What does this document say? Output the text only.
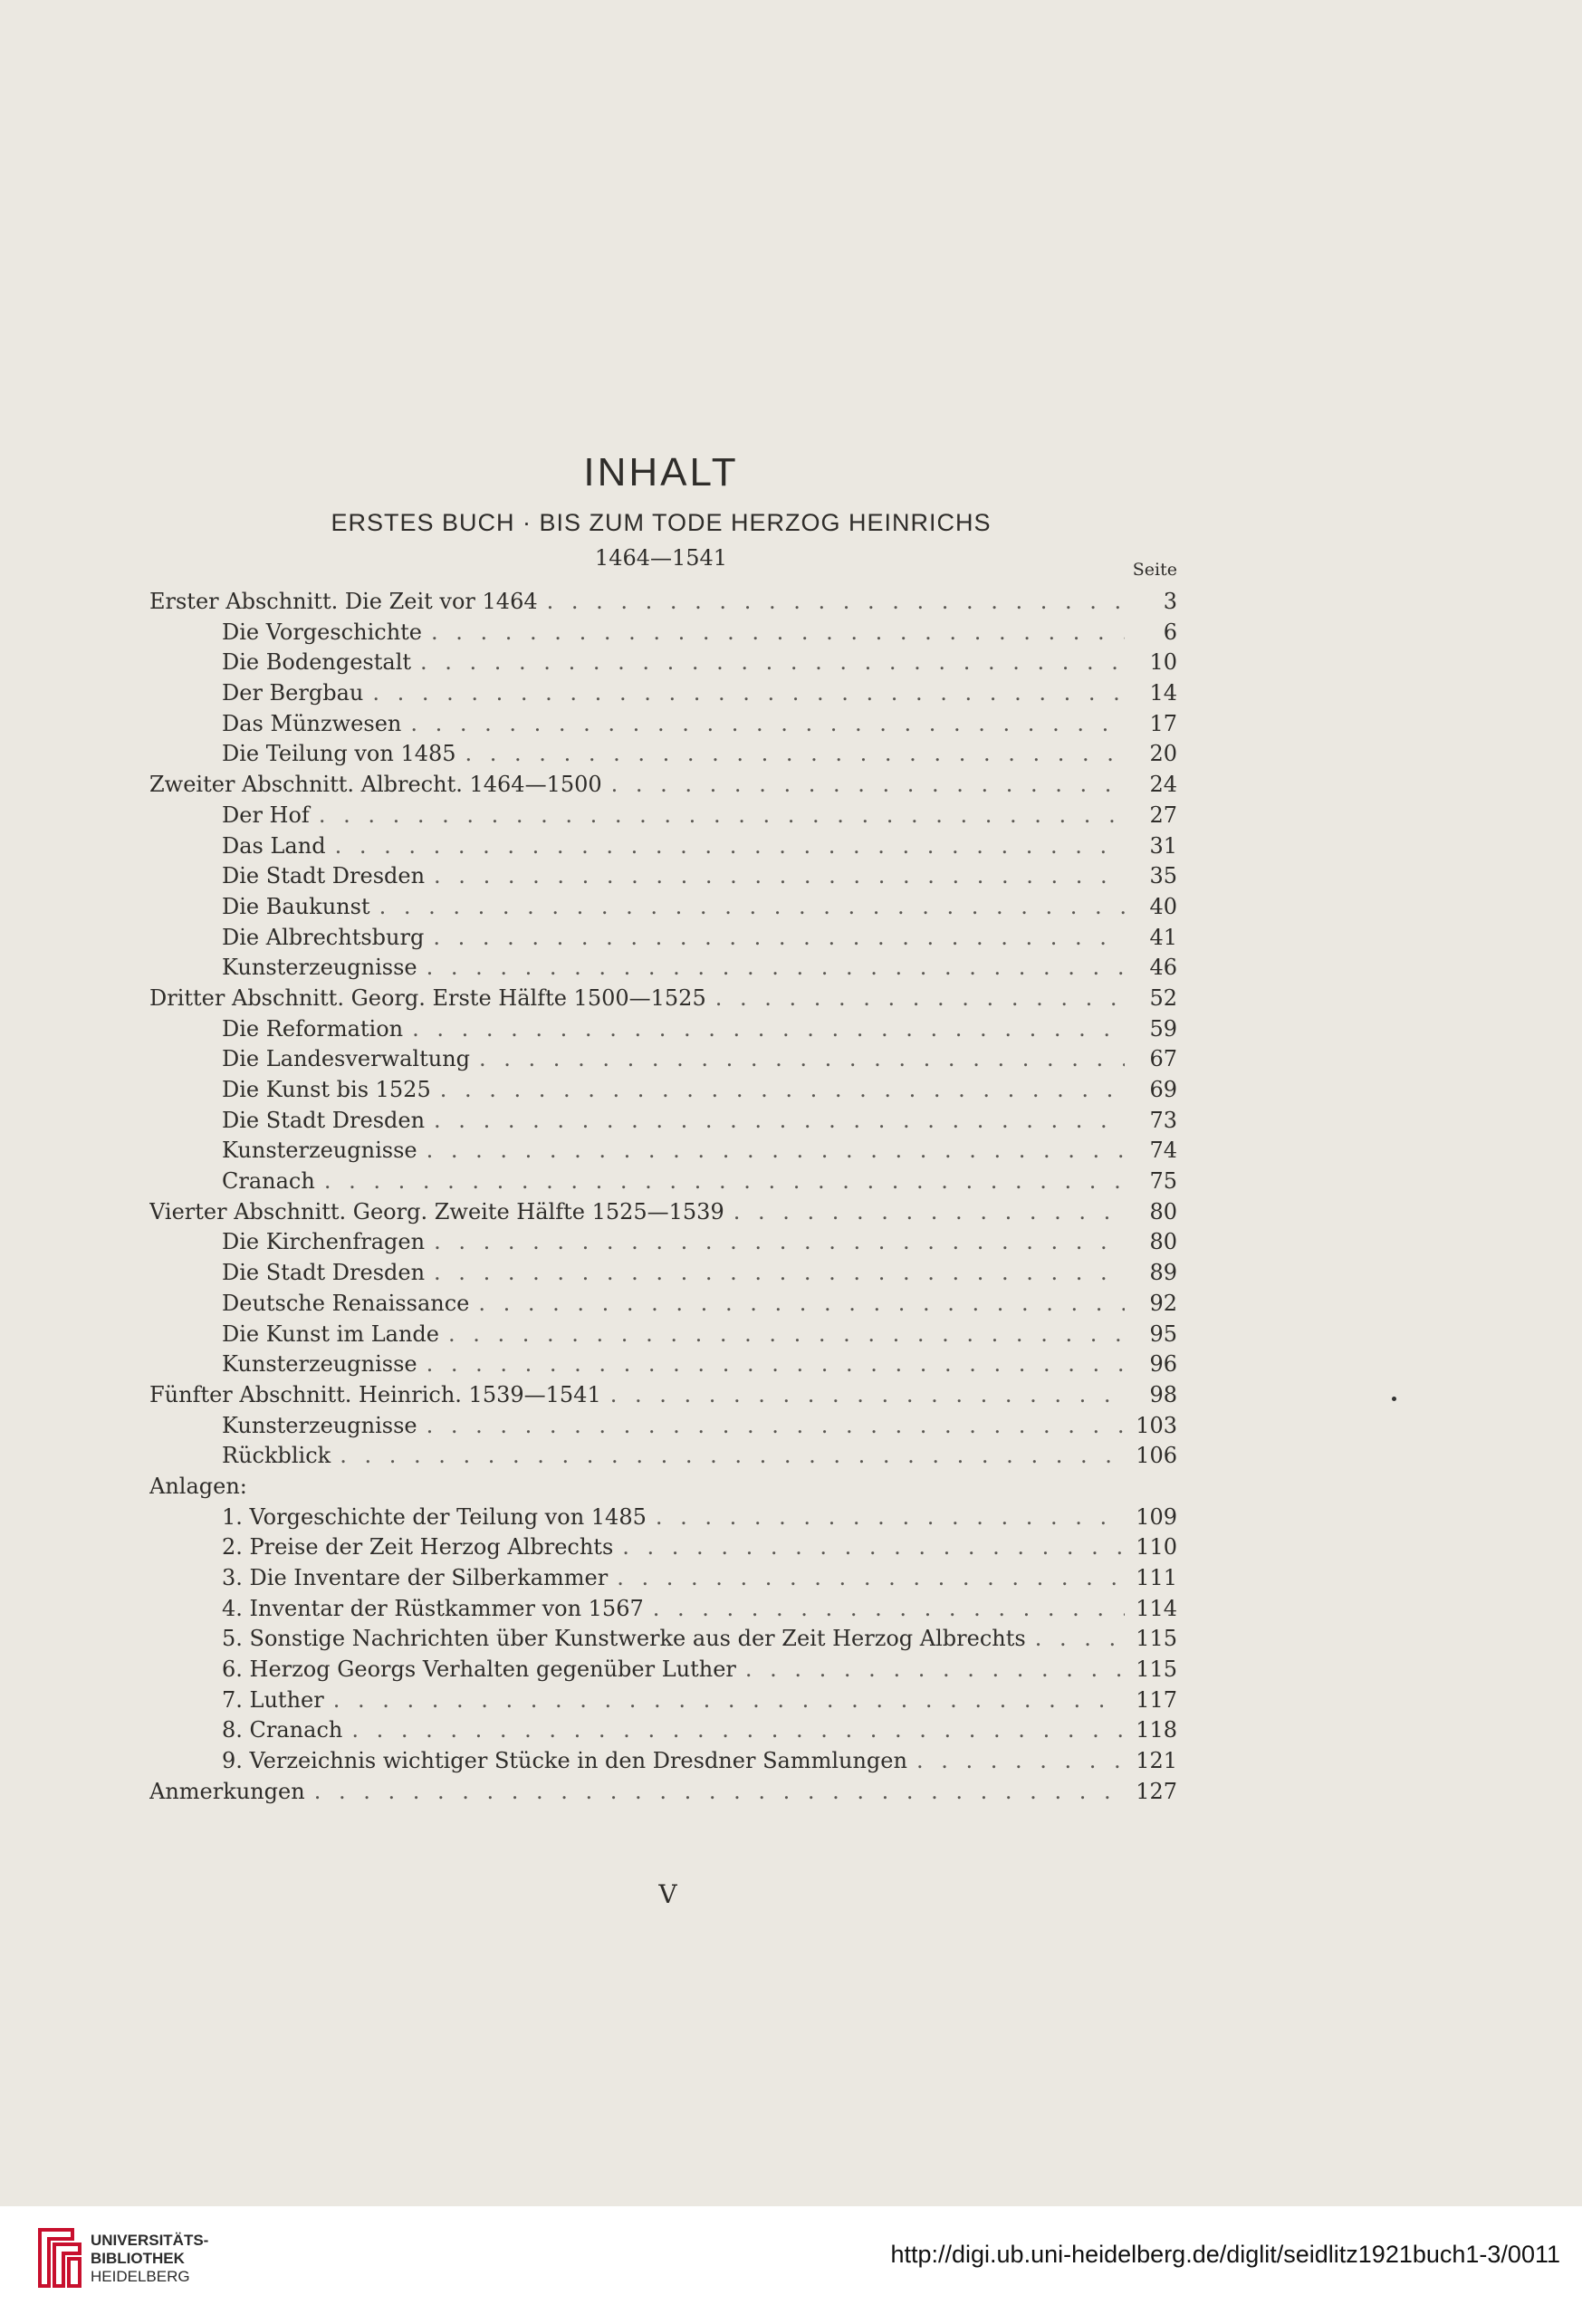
INHALT
ERSTES BUCH · BIS ZUM TODE HERZOG HEINRICHS
1464—1541	Seite
Erster Abschnitt. Die Zeit vor 1464 . . .	3
Die Vorgeschichte . . .	6
Die Bodengestalt . . .	10
Der Bergbau . . .	14
Das Münzwesen . . .	17
Die Teilung von 1485 . . .	20
Zweiter Abschnitt. Albrecht. 1464—1500 . . .	24
Der Hof . . .	27
Das Land . . .	31
Die Stadt Dresden . . .	35
Die Baukunst . . .	40
Die Albrechtsburg . . .	41
Kunsterzeugnisse . . .	46
Dritter Abschnitt. Georg. Erste Hälfte 1500—1525 . . .	52
Die Reformation . . .	59
Die Landesverwaltung . . .	67
Die Kunst bis 1525 . . .	69
Die Stadt Dresden . . .	73
Kunsterzeugnisse . . .	74
Cranach . . .	75
Vierter Abschnitt. Georg. Zweite Hälfte 1525—1539 . . .	80
Die Kirchenfragen . . .	80
Die Stadt Dresden . . .	89
Deutsche Renaissance . . .	92
Die Kunst im Lande . . .	95
Kunsterzeugnisse . . .	96
Fünfter Abschnitt. Heinrich. 1539—1541 . . .	98
Kunsterzeugnisse . . .	103
Rückblick . . .	106
Anlagen:
1. Vorgeschichte der Teilung von 1485 . . .	109
2. Preise der Zeit Herzog Albrechts . . .	110
3. Die Inventare der Silberkammer . . .	111
4. Inventar der Rüstkammer von 1567 . . .	114
5. Sonstige Nachrichten über Kunstwerke aus der Zeit Herzog Albrechts . . .	115
6. Herzog Georgs Verhalten gegenüber Luther . . .	115
7. Luther . . .	117
8. Cranach . . .	118
9. Verzeichnis wichtiger Stücke in den Dresdner Sammlungen . . .	121
Anmerkungen . . .	127
V
UNIVERSITÄTS-
BIBLIOTHEK
HEIDELBERG
http://digi.ub.uni-heidelberg.de/diglit/seidlitz1921buch1-3/0011
